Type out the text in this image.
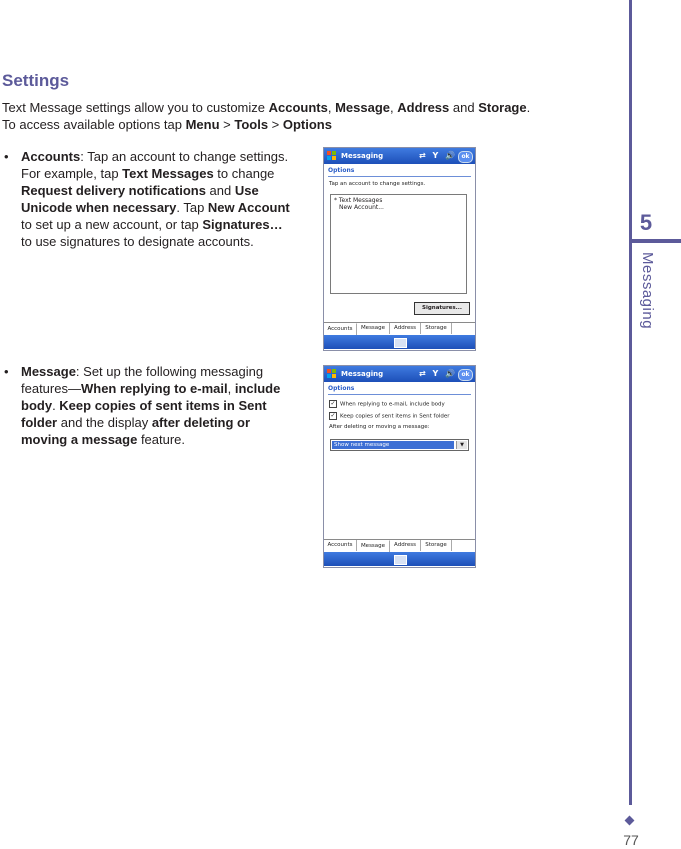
5
Messaging
77
Settings
Text Message settings allow you to customize Accounts, Message, Address and Storage.
To access available options tap Menu > Tools > Options
• Accounts: Tap an account to change settings. For example, tap Text Messages to change Request delivery notifications and Use Unicode when necessary. Tap New Account to set up a new account, or tap Signatures… to use signatures to designate accounts.
• Message: Set up the following messaging features—When replying to e-mail, include body. Keep copies of sent items in Sent folder and the display after deleting or moving a message feature.
Messaging	⇄ Y 🔊 ok
Options
Tap an account to change settings.
* Text Messages
New Account...
Signatures...
Accounts	Message	Address	Storage
Messaging	⇄ Y 🔊 ok
Options
✓ When replying to e-mail, include body
✓ Keep copies of sent items in Sent folder
After deleting or moving a message:
Show next message	▼
Accounts	Message	Address	Storage
